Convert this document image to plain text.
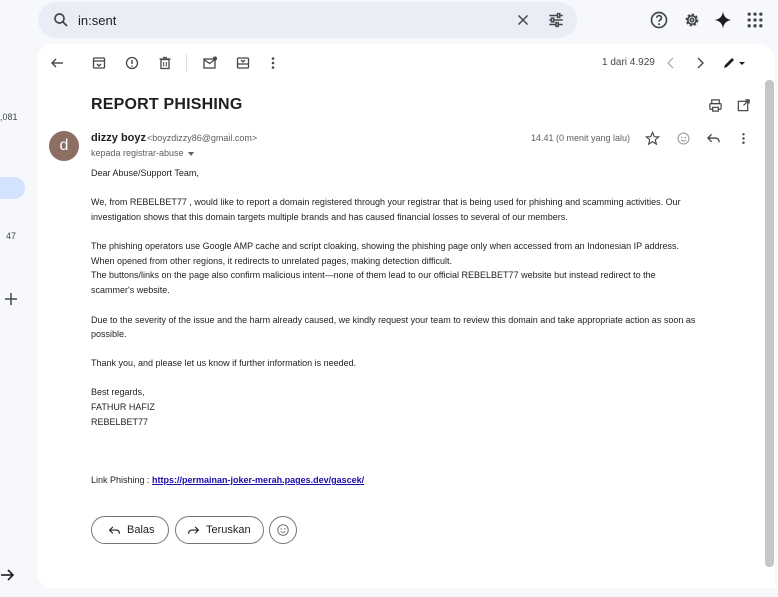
in:sent
,081
47
1 dari 4.929
REPORT PHISHING
d	dizzy boyz <boyzdizzy86@gmail.com>
kepada registrar-abuse
14.41 (0 menit yang lalu)

Dear Abuse/Support Team,

We, from REBELBET77 , would like to report a domain registered through your registrar that is being used for phishing and scamming activities. Our

investigation shows that this domain targets multiple brands and has caused financial losses to several of our members.

The phishing operators use Google AMP cache and script cloaking, showing the phishing page only when accessed from an Indonesian IP address.

When opened from other regions, it redirects to unrelated pages, making detection difficult.

The buttons/links on the page also confirm malicious intent—none of them lead to our official REBELBET77 website but instead redirect to the

scammer's website.

Due to the severity of the issue and the harm already caused, we kindly request your team to review this domain and take appropriate action as soon as

possible.

Thank you, and please let us know if further information is needed.

Best regards,

FATHUR HAFIZ

REBELBET77

Link Phishing : https://permainan-joker-merah.pages.dev/gascek/

Balas	Teruskan
